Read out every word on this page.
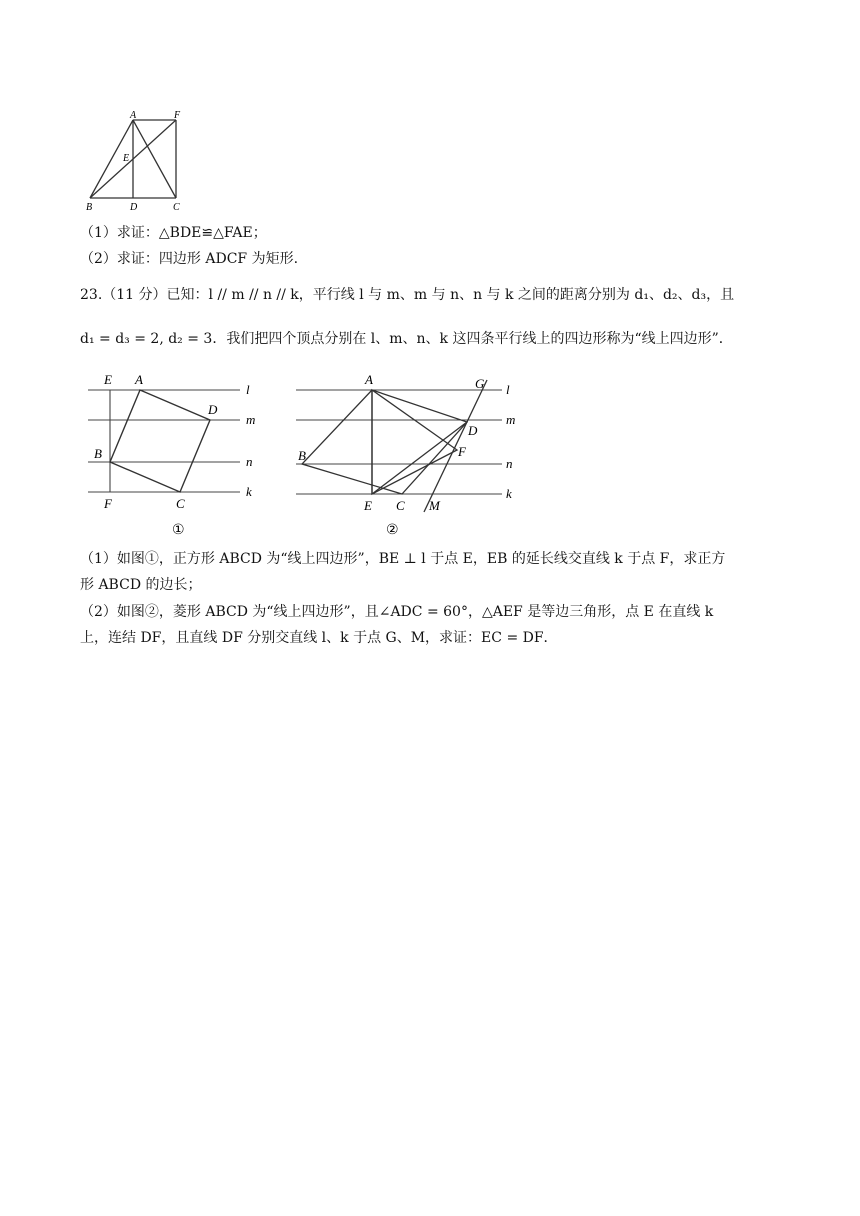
A	F
E
B	D	C
（1）求证：△BDE≌△FAE；
（2）求证：四边形 ADCF 为矩形.
23.（11 分）已知：l // m // n // k，平行线 l 与 m、m 与 n、n 与 k 之间的距离分别为 d₁、d₂、d₃，且
d₁ = d₃ = 2, d₂ = 3．我们把四个顶点分别在 l、m、n、k 这四条平行线上的四边形称为“线上四边形”．
E A
D
B
F	C
l
m
n
k
①
A	G
D
F
B
E C M
l
m
n
k
②
（1）如图①，正方形 ABCD 为“线上四边形”，BE ⊥ l 于点 E，EB 的延长线交直线 k 于点 F，求正方
形 ABCD 的边长；
（2）如图②，菱形 ABCD 为“线上四边形”，且∠ADC = 60°，△AEF 是等边三角形，点 E 在直线 k
上，连结 DF，且直线 DF 分别交直线 l、k 于点 G、M，求证：EC = DF．
